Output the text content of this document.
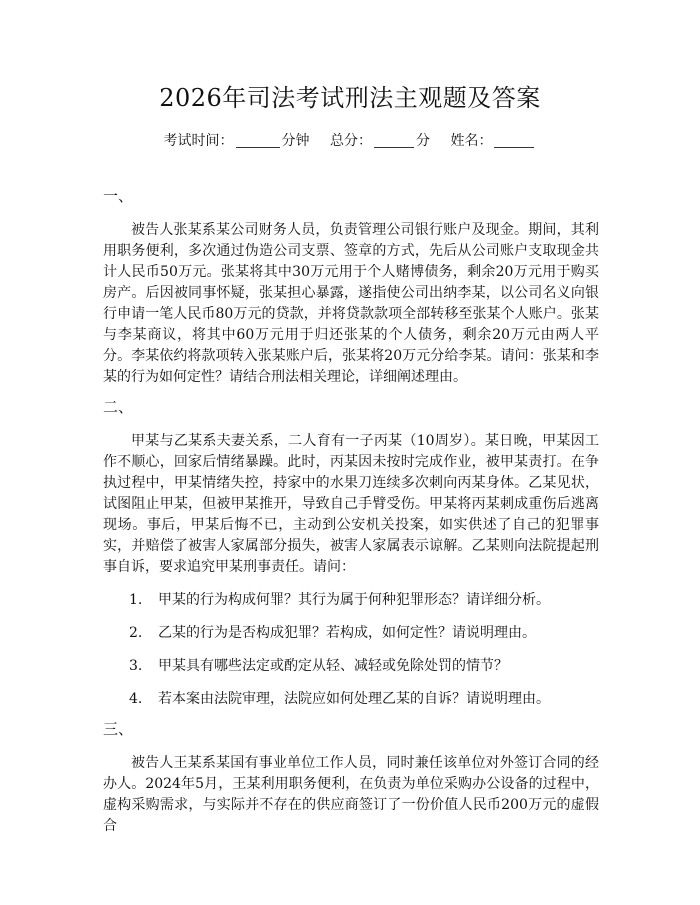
2026年司法考试刑法主观题及答案
考试时间：	分钟 总分：	分 姓名：

一、

被告人张某系某公司财务人员，负责管理公司银行账户及现金。期间，其利用职务便利，多次通过伪造公司支票、签章的方式，先后从公司账户支取现金共计人民币50万元。张某将其中30万元用于个人赌博债务，剩余20万元用于购买房产。后因被同事怀疑，张某担心暴露，遂指使公司出纳李某，以公司名义向银行申请一笔人民币80万元的贷款，并将贷款款项全部转移至张某个人账户。张某与李某商议，将其中60万元用于归还张某的个人债务，剩余20万元由两人平分。李某依约将款项转入张某账户后，张某将20万元分给李某。请问：张某和李某的行为如何定性？请结合刑法相关理论，详细阐述理由。

二、

甲某与乙某系夫妻关系，二人育有一子丙某（10周岁）。某日晚，甲某因工作不顺心，回家后情绪暴躁。此时，丙某因未按时完成作业，被甲某责打。在争执过程中，甲某情绪失控，持家中的水果刀连续多次刺向丙某身体。乙某见状，试图阻止甲某，但被甲某推开，导致自己手臂受伤。甲某将丙某刺成重伤后逃离现场。事后，甲某后悔不已，主动到公安机关投案，如实供述了自己的犯罪事实，并赔偿了被害人家属部分损失，被害人家属表示谅解。乙某则向法院提起刑事自诉，要求追究甲某刑事责任。请问：

1. 甲某的行为构成何罪？其行为属于何种犯罪形态？请详细分析。
2. 乙某的行为是否构成犯罪？若构成，如何定性？请说明理由。
3. 甲某具有哪些法定或酌定从轻、减轻或免除处罚的情节？
4. 若本案由法院审理，法院应如何处理乙某的自诉？请说明理由。

三、

被告人王某系某国有事业单位工作人员，同时兼任该单位对外签订合同的经办人。2024年5月，王某利用职务便利，在负责为单位采购办公设备的过程中，虚构采购需求，与实际并不存在的供应商签订了一份价值人民币200万元的虚假合
